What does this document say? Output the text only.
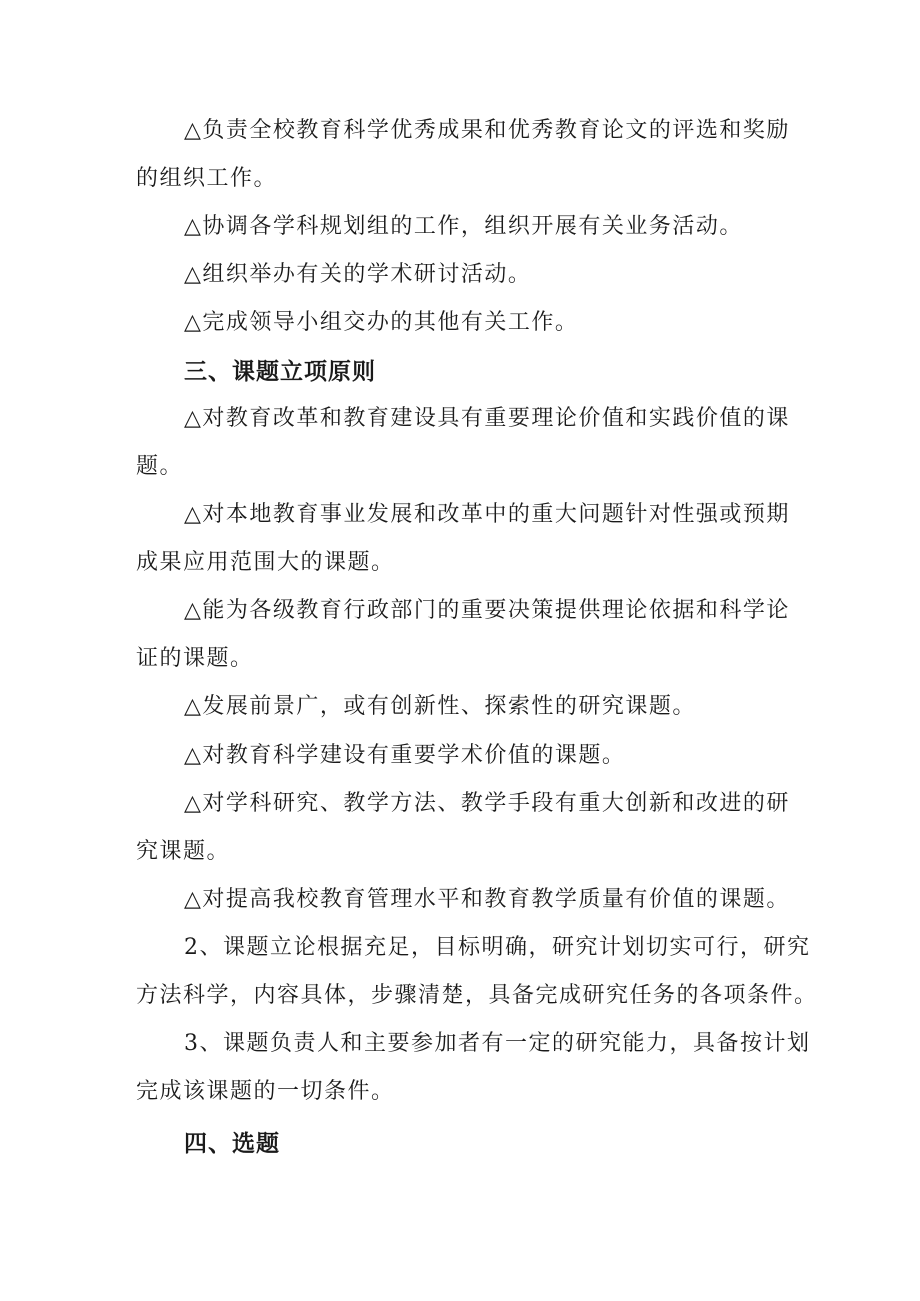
△负责全校教育科学优秀成果和优秀教育论文的评选和奖励
的组织工作。

△协调各学科规划组的工作，组织开展有关业务活动。

△组织举办有关的学术研讨活动。

△完成领导小组交办的其他有关工作。

三、课题立项原则

△对教育改革和教育建设具有重要理论价值和实践价值的课
题。

△对本地教育事业发展和改革中的重大问题针对性强或预期
成果应用范围大的课题。

△能为各级教育行政部门的重要决策提供理论依据和科学论
证的课题。

△发展前景广，或有创新性、探索性的研究课题。

△对教育科学建设有重要学术价值的课题。

△对学科研究、教学方法、教学手段有重大创新和改进的研
究课题。

△对提高我校教育管理水平和教育教学质量有价值的课题。

2、课题立论根据充足，目标明确，研究计划切实可行，研究
方法科学，内容具体，步骤清楚，具备完成研究任务的各项条件。

3、课题负责人和主要参加者有一定的研究能力，具备按计划
完成该课题的一切条件。

四、选题
